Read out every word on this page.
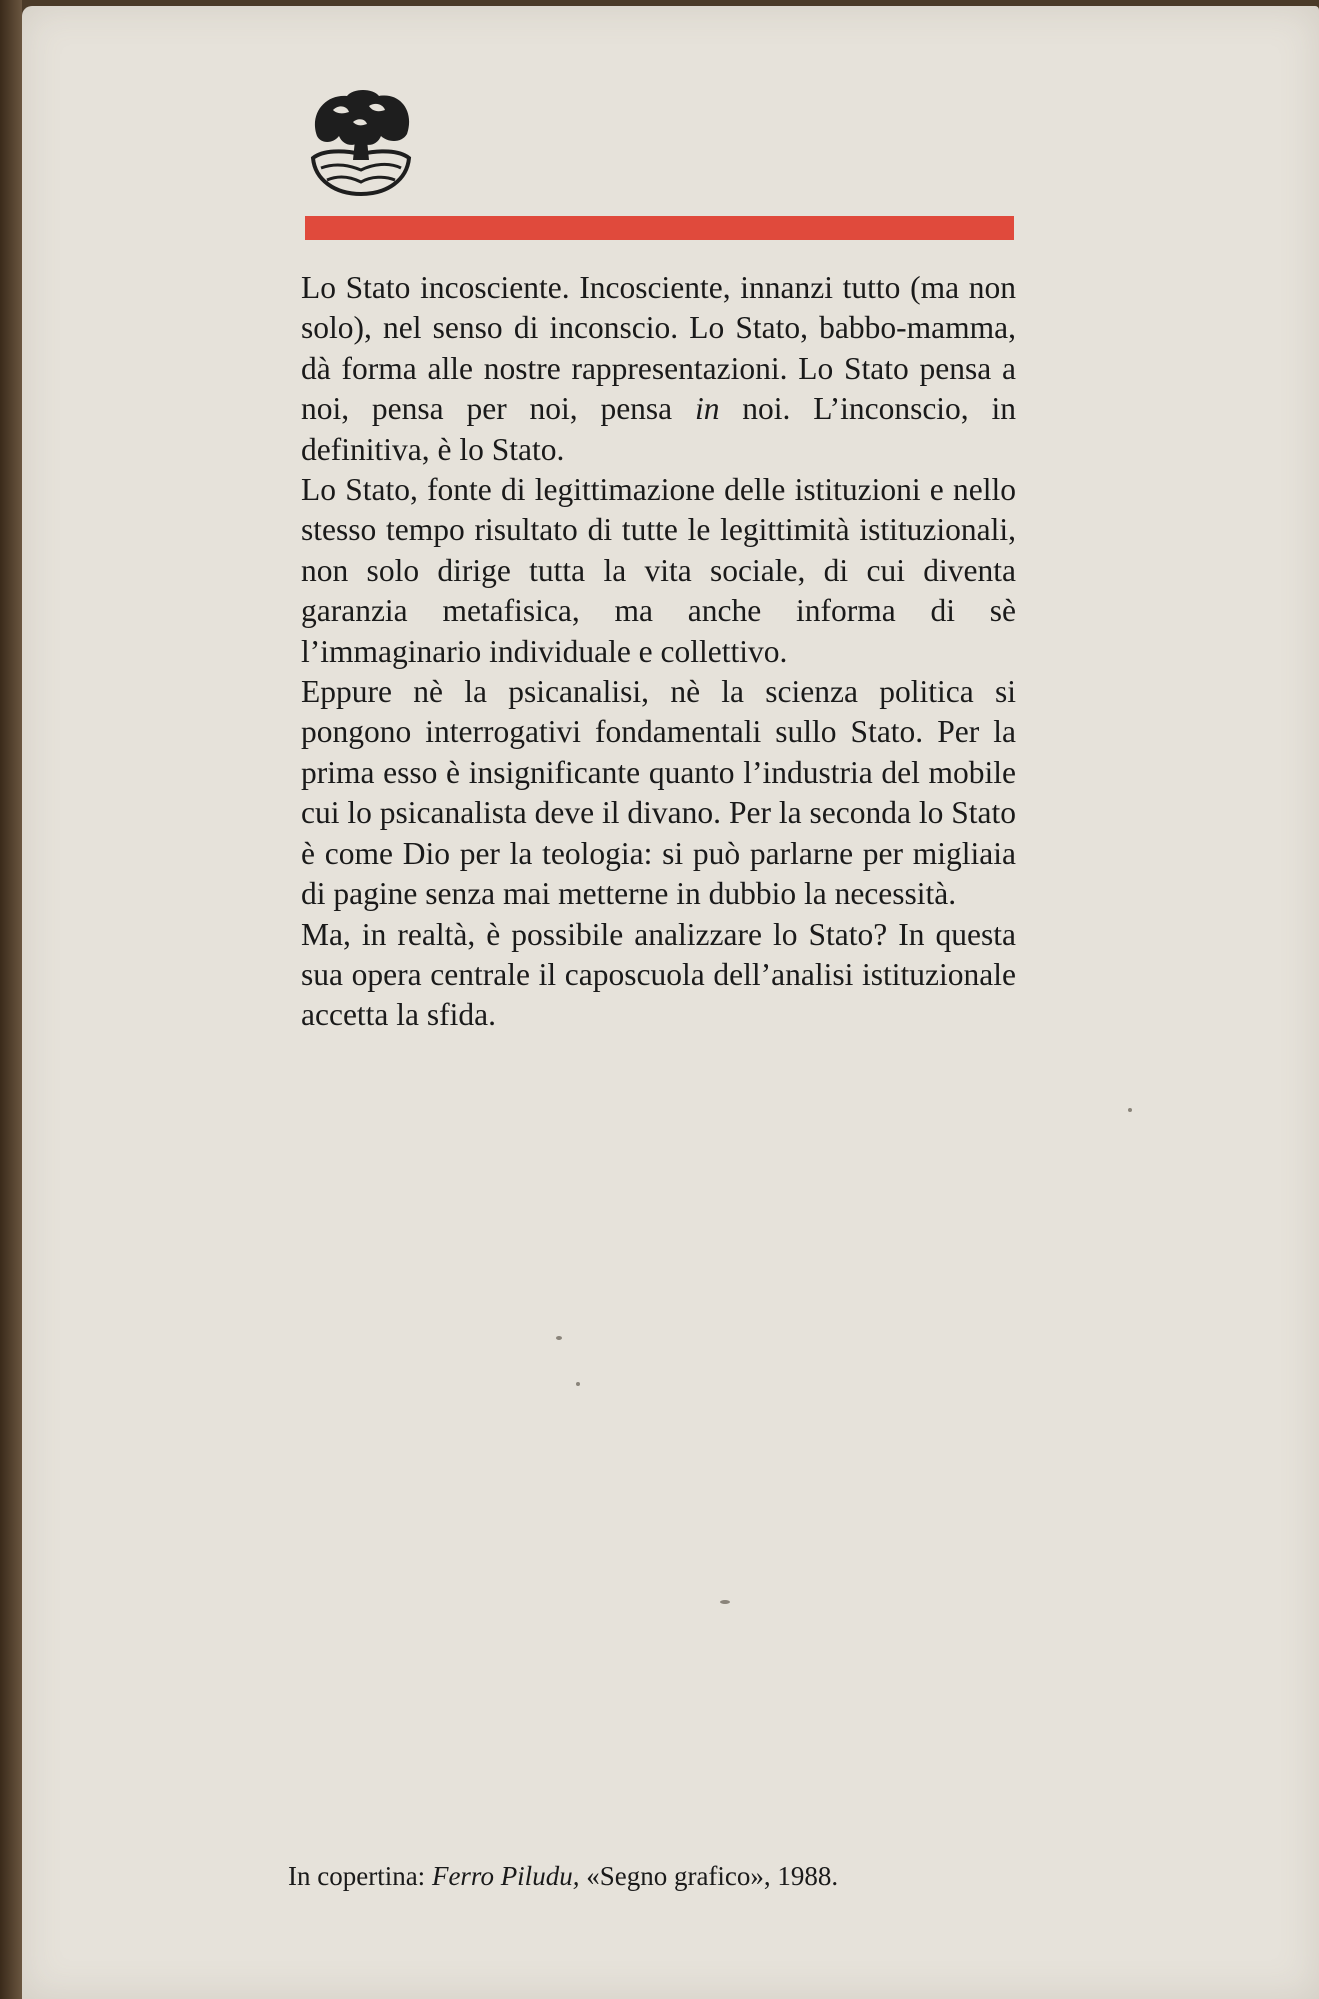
Lo Stato incosciente. Incosciente, innanzi tutto (ma non solo), nel senso di inconscio. Lo Stato, babbo-mamma, dà forma alle nostre rappresentazioni. Lo Stato pensa a noi, pensa per noi, pensa in noi. L’inconscio, in definitiva, è lo Stato.

Lo Stato, fonte di legittimazione delle istituzioni e nello stesso tempo risultato di tutte le legittimità istituzionali, non solo dirige tutta la vita sociale, di cui diventa garanzia metafisica, ma anche informa di sè l’immaginario individuale e collettivo.

Eppure nè la psicanalisi, nè la scienza politica si pongono interrogativi fondamentali sullo Stato. Per la prima esso è insignificante quanto l’industria del mobile cui lo psicanalista deve il divano. Per la seconda lo Stato è come Dio per la teologia: si può parlarne per migliaia di pagine senza mai metterne in dubbio la necessità.

Ma, in realtà, è possibile analizzare lo Stato? In questa sua opera centrale il caposcuola dell’analisi istituzionale accetta la sfida.

In copertina: Ferro Piludu, «Segno grafico», 1988.
